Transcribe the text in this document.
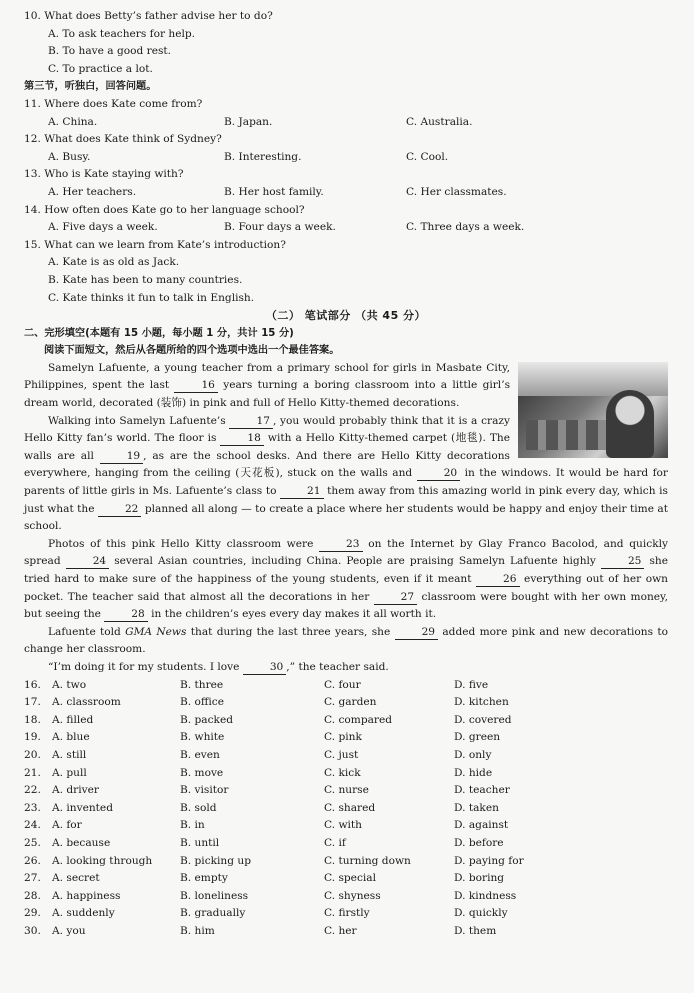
10. What does Betty’s father advise her to do?
A. To ask teachers for help.
B. To have a good rest.
C. To practice a lot.
第三节，听独白，回答问题。
11. Where does Kate come from?
A. China.	B. Japan.	C. Australia.
12. What does Kate think of Sydney?
A. Busy.	B. Interesting.	C. Cool.
13. Who is Kate staying with?
A. Her teachers.	B. Her host family.	C. Her classmates.
14. How often does Kate go to her language school?
A. Five days a week.	B. Four days a week.	C. Three days a week.
15. What can we learn from Kate’s introduction?
A. Kate is as old as Jack.
B. Kate has been to many countries.
C. Kate thinks it fun to talk in English.
（二） 笔试部分 （共 45 分）
二、完形填空(本题有 15 小题，每小题 1 分，共计 15 分)
阅读下面短文，然后从各题所给的四个选项中选出一个最佳答案。

Samelyn Lafuente, a young teacher from a primary school for girls in Masbate City, Philippines, spent the last	16 years turning a boring classroom into a little girl’s dream world, decorated (装饰) in pink and full of Hello Kitty-themed decorations.

Walking into Samelyn Lafuente’s	17 , you would probably think that it is a crazy Hello Kitty fan’s world. The floor is	18 with a Hello Kitty-themed carpet (地毯). The walls are all	19 , as are the school desks. And there are Hello Kitty decorations everywhere, hanging from the ceiling (天花板), stuck on the walls and	20 in the windows. It would be hard for parents of little girls in Ms. Lafuente’s class to	21 them away from this amazing world in pink every day, which is just what the	22 planned all along — to create a place where her students would be happy and enjoy their time at school.

Photos of this pink Hello Kitty classroom were	23 on the Internet by Glay Franco Bacolod, and quickly spread	24 several Asian countries, including China. People are praising Samelyn Lafuente highly	25 she tried hard to make sure of the happiness of the young students, even if it meant	26 everything out of her own pocket. The teacher said that almost all the decorations in her	27 classroom were bought with her own money, but seeing the	28 in the children’s eyes every day makes it all worth it.

Lafuente told GMA News that during the last three years, she	29 added more pink and new decorations to change her classroom.

“I’m doing it for my students. I love	30 ,” the teacher said.

16.	A. two	B. three	C. four	D. five
17.	A. classroom	B. office	C. garden	D. kitchen
18.	A. filled	B. packed	C. compared	D. covered
19.	A. blue	B. white	C. pink	D. green
20.	A. still	B. even	C. just	D. only
21.	A. pull	B. move	C. kick	D. hide
22.	A. driver	B. visitor	C. nurse	D. teacher
23.	A. invented	B. sold	C. shared	D. taken
24.	A. for	B. in	C. with	D. against
25.	A. because	B. until	C. if	D. before
26.	A. looking through	B. picking up	C. turning down	D. paying for
27.	A. secret	B. empty	C. special	D. boring
28.	A. happiness	B. loneliness	C. shyness	D. kindness
29.	A. suddenly	B. gradually	C. firstly	D. quickly
30.	A. you	B. him	C. her	D. them
